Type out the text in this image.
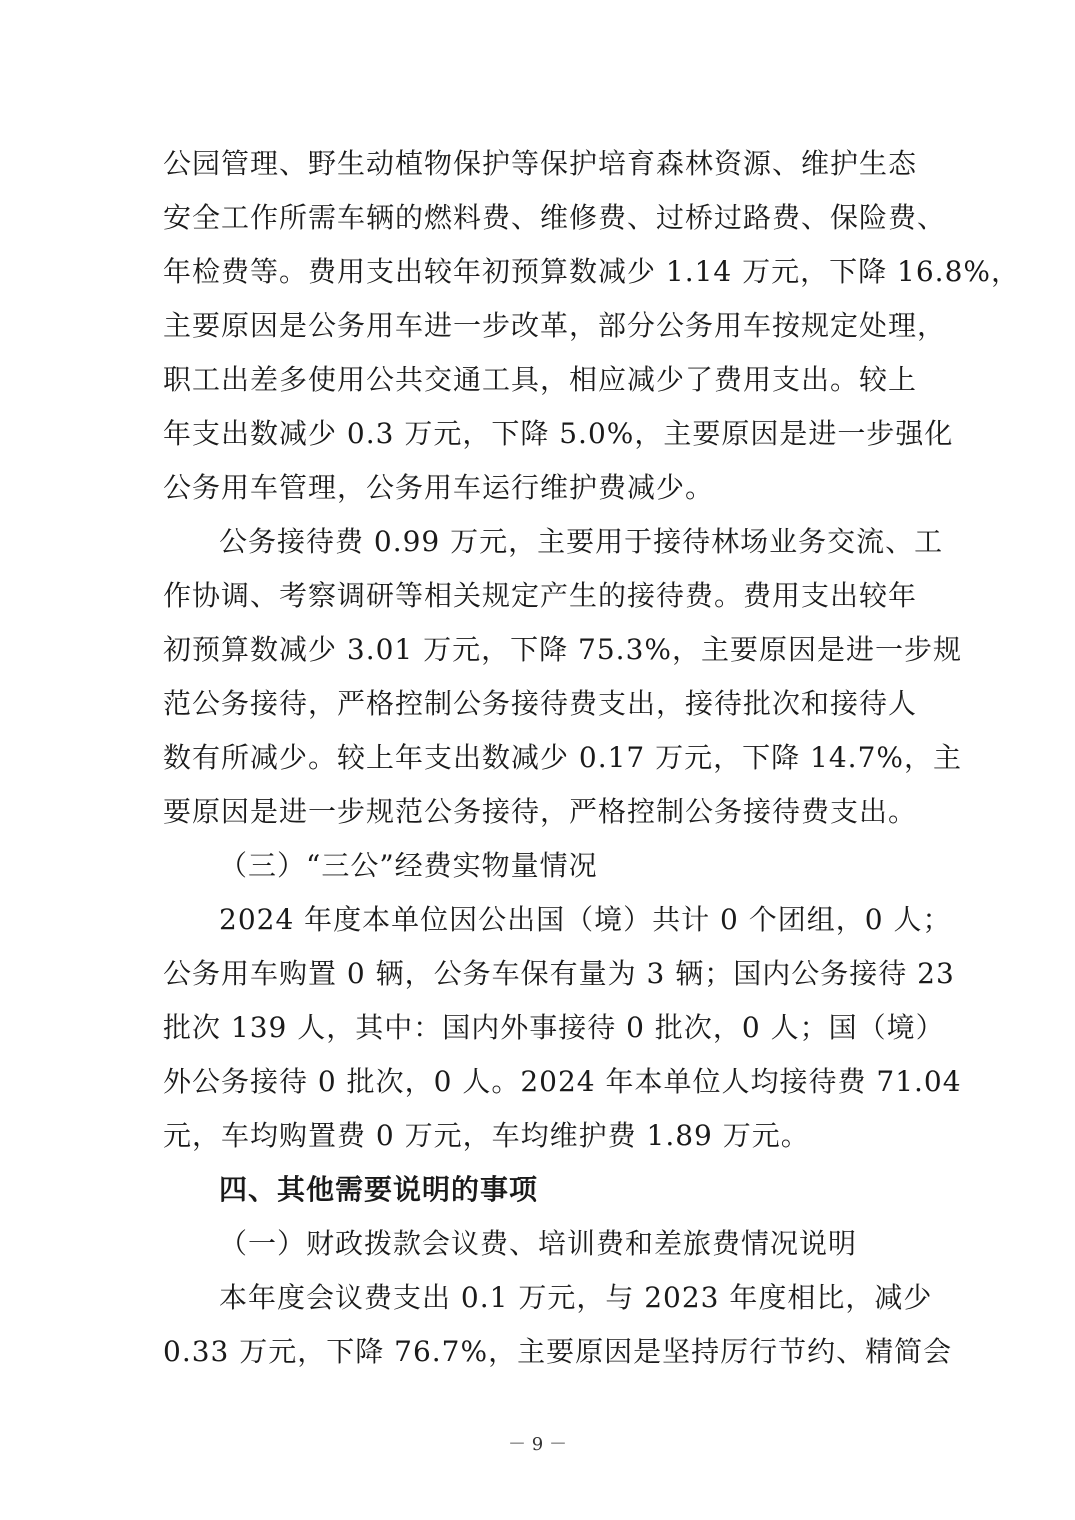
公园管理、野生动植物保护等保护培育森林资源、维护生态
安全工作所需车辆的燃料费、维修费、过桥过路费、保险费、
年检费等。费用支出较年初预算数减少 1.14 万元，下降 16.8%，
主要原因是公务用车进一步改革，部分公务用车按规定处理，
职工出差多使用公共交通工具，相应减少了费用支出。较上
年支出数减少 0.3 万元，下降 5.0%，主要原因是进一步强化
公务用车管理，公务用车运行维护费减少。
公务接待费 0.99 万元，主要用于接待林场业务交流、工
作协调、考察调研等相关规定产生的接待费。费用支出较年
初预算数减少 3.01 万元，下降 75.3%，主要原因是进一步规
范公务接待，严格控制公务接待费支出，接待批次和接待人
数有所减少。较上年支出数减少 0.17 万元，下降 14.7%，主
要原因是进一步规范公务接待，严格控制公务接待费支出。
（三）“三公”经费实物量情况
2024 年度本单位因公出国（境）共计 0 个团组，0 人；
公务用车购置 0 辆，公务车保有量为 3 辆；国内公务接待 23
批次 139 人，其中：国内外事接待 0 批次，0 人；国（境）
外公务接待 0 批次，0 人。2024 年本单位人均接待费 71.04
元，车均购置费 0 万元，车均维护费 1.89 万元。
四、其他需要说明的事项
（一）财政拨款会议费、培训费和差旅费情况说明
本年度会议费支出 0.1 万元，与 2023 年度相比，减少
0.33 万元，下降 76.7%，主要原因是坚持厉行节约、精简会
－ 9 －
